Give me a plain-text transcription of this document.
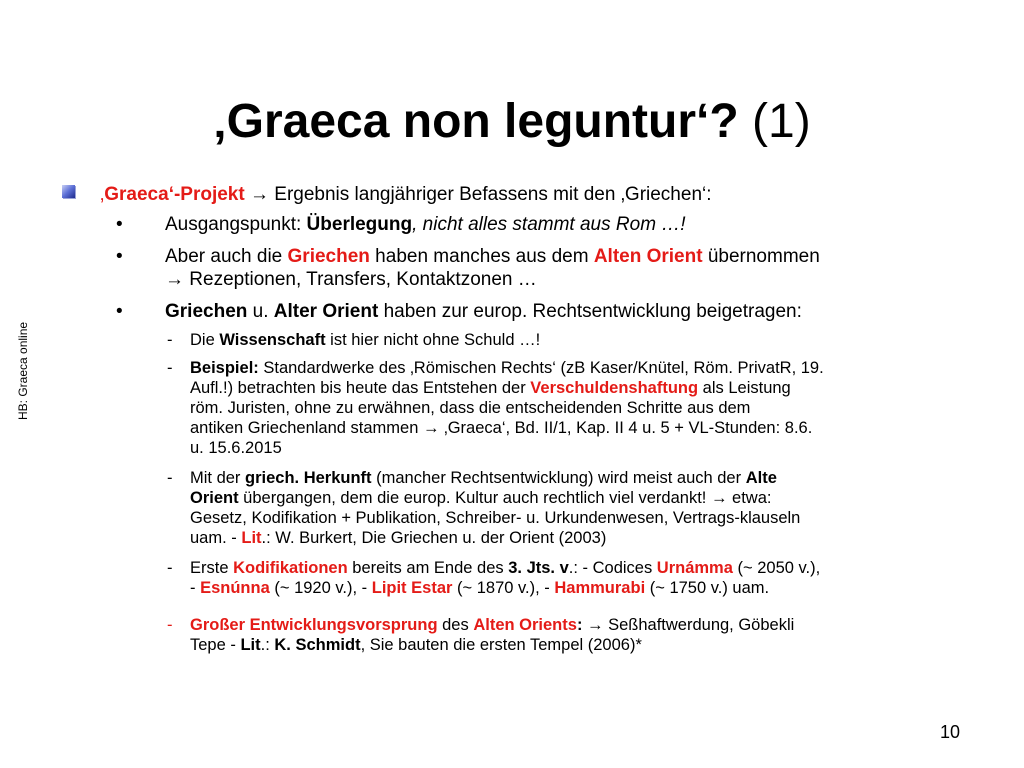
‚Graeca non leguntur‘? (1)
HB: Graeca online
‚Graeca‘-Projekt → Ergebnis langjähriger Befassens mit den ‚Griechen‘:
• Ausgangspunkt: Überlegung, nicht alles stammt aus Rom …!
• Aber auch die Griechen haben manches aus dem Alten Orient übernommen
→ Rezeptionen, Transfers, Kontaktzonen …
• Griechen u. Alter Orient haben zur europ. Rechtsentwicklung beigetragen:
- Die Wissenschaft ist hier nicht ohne Schuld …!
- Beispiel: Standardwerke des ‚Römischen Rechts‘ (zB Kaser/Knütel, Röm. PrivatR, 19.
Aufl.!) betrachten bis heute das Entstehen der Verschuldenshaftung als Leistung
röm. Juristen, ohne zu erwähnen, dass die entscheidenden Schritte aus dem
antiken Griechenland stammen → ‚Graeca‘, Bd. II/1, Kap. II 4 u. 5 + VL-Stunden: 8.6.
u. 15.6.2015
- Mit der griech. Herkunft (mancher Rechtsentwicklung) wird meist auch der Alte
Orient übergangen, dem die europ. Kultur auch rechtlich viel verdankt! → etwa:
Gesetz, Kodifikation + Publikation, Schreiber- u. Urkundenwesen, Vertrags-klauseln
uam. - Lit.: W. Burkert, Die Griechen u. der Orient (2003)
- Erste Kodifikationen bereits am Ende des 3. Jts. v.: - Codices Urnámma (~ 2050 v.),
- Esnúnna (~ 1920 v.), - Lipit Estar (~ 1870 v.), - Hammurabi (~ 1750 v.) uam.
- Großer Entwicklungsvorsprung des Alten Orients: → Seßhaftwerdung, Göbekli
Tepe - Lit.: K. Schmidt, Sie bauten die ersten Tempel (2006)*
10
